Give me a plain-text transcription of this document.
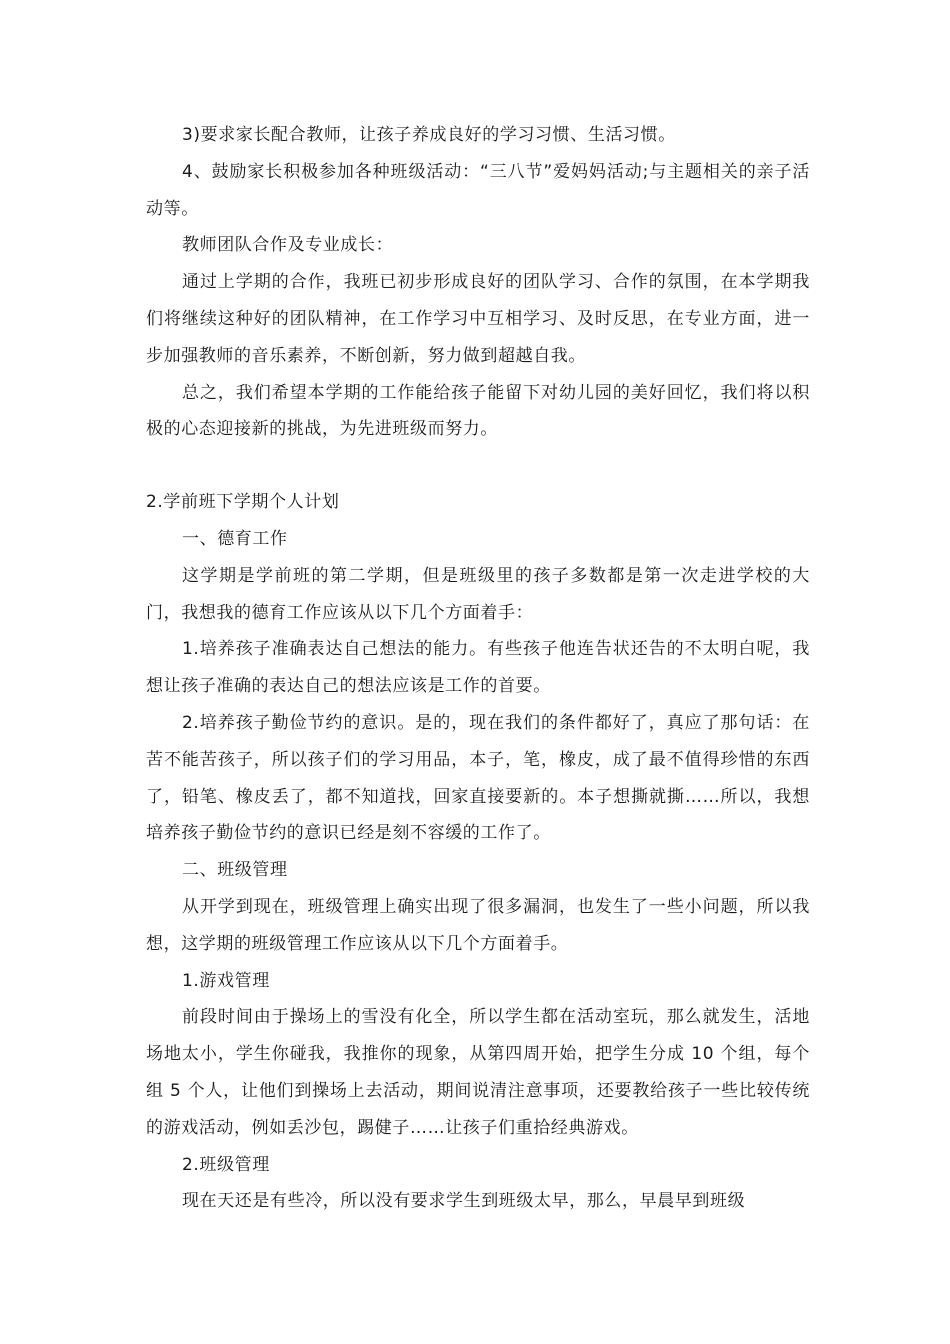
3)要求家长配合教师，让孩子养成良好的学习习惯、生活习惯。

4、鼓励家长积极参加各种班级活动：“三八节”爱妈妈活动;与主题相关的亲子活动等。

教师团队合作及专业成长：

通过上学期的合作，我班已初步形成良好的团队学习、合作的氛围，在本学期我们将继续这种好的团队精神，在工作学习中互相学习、及时反思，在专业方面，进一步加强教师的音乐素养，不断创新，努力做到超越自我。

总之，我们希望本学期的工作能给孩子能留下对幼儿园的美好回忆，我们将以积极的心态迎接新的挑战，为先进班级而努力。

2.学前班下学期个人计划

一、德育工作

这学期是学前班的第二学期，但是班级里的孩子多数都是第一次走进学校的大门，我想我的德育工作应该从以下几个方面着手：

1.培养孩子准确表达自己想法的能力。有些孩子他连告状还告的不太明白呢，我想让孩子准确的表达自己的想法应该是工作的首要。

2.培养孩子勤俭节约的意识。是的，现在我们的条件都好了，真应了那句话：在苦不能苦孩子，所以孩子们的学习用品，本子，笔，橡皮，成了最不值得珍惜的东西了，铅笔、橡皮丢了，都不知道找，回家直接要新的。本子想撕就撕……所以，我想培养孩子勤俭节约的意识已经是刻不容缓的工作了。

二、班级管理

从开学到现在，班级管理上确实出现了很多漏洞，也发生了一些小问题，所以我想，这学期的班级管理工作应该从以下几个方面着手。

1.游戏管理

前段时间由于操场上的雪没有化全，所以学生都在活动室玩，那么就发生，活地场地太小，学生你碰我，我推你的现象，从第四周开始，把学生分成 10 个组，每个组 5 个人，让他们到操场上去活动，期间说清注意事项，还要教给孩子一些比较传统的游戏活动，例如丢沙包，踢健子……让孩子们重拾经典游戏。

2.班级管理

现在天还是有些冷，所以没有要求学生到班级太早，那么，早晨早到班级
